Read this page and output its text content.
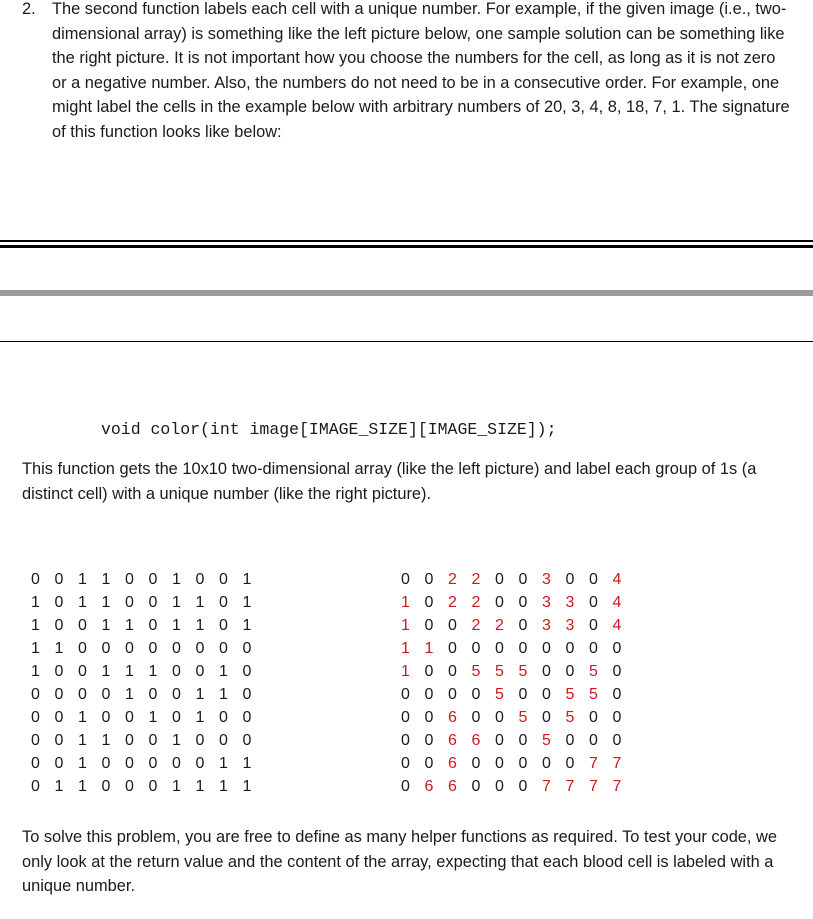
2. The second function labels each cell with a unique number. For example, if the given image (i.e., two-dimensional array) is something like the left picture below, one sample solution can be something like the right picture. It is not important how you choose the numbers for the cell, as long as it is not zero or a negative number. Also, the numbers do not need to be in a consecutive order. For example, one might label the cells in the example below with arbitrary numbers of 20, 3, 4, 8, 18, 7, 1. The signature of this function looks like below:
void color(int image[IMAGE_SIZE][IMAGE_SIZE]);
This function gets the 10x10 two-dimensional array (like the left picture) and label each group of 1s (a distinct cell) with a unique number (like the right picture).
0 0 1 1 0 0 1 0 0 1
1 0 1 1 0 0 1 1 0 1
1 0 0 1 1 0 1 1 0 1
1 1 0 0 0 0 0 0 0 0
1 0 0 1 1 1 0 0 1 0
0 0 0 0 1 0 0 1 1 0
0 0 1 0 0 1 0 1 0 0
0 0 1 1 0 0 1 0 0 0
0 0 1 0 0 0 0 0 1 1
0 1 1 0 0 0 1 1 1 1
0 0 2 2 0 0 3 0 0 4
1 0 2 2 0 0 3 3 0 4
1 0 0 2 2 0 3 3 0 4
1 1 0 0 0 0 0 0 0 0
1 0 0 5 5 5 0 0 5 0
0 0 0 0 5 0 0 5 5 0
0 0 6 0 0 5 0 5 0 0
0 0 6 6 0 0 5 0 0 0
0 0 6 0 0 0 0 0 7 7
0 6 6 0 0 0 7 7 7 7
To solve this problem, you are free to define as many helper functions as required. To test your code, we only look at the return value and the content of the array, expecting that each blood cell is labeled with a unique number.
